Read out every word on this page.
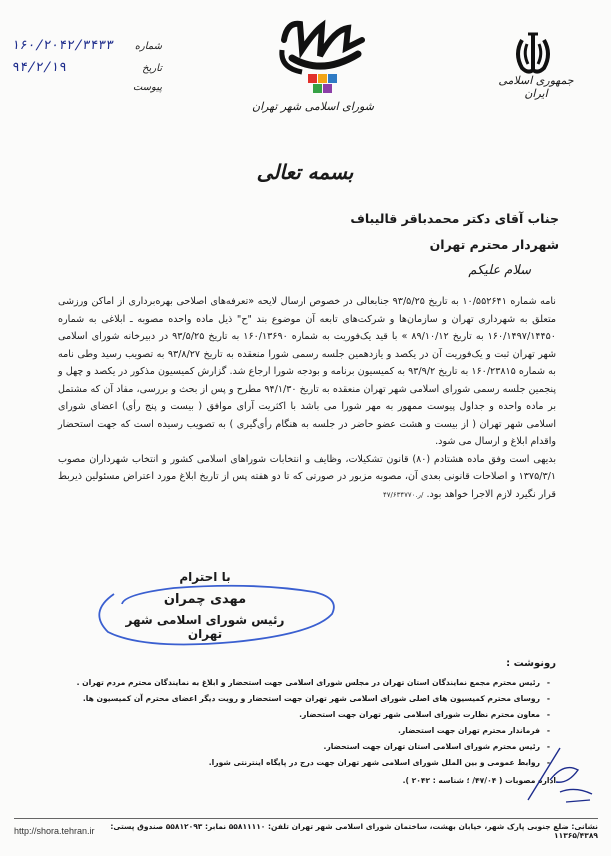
۱۶۰/۲۰۴۲/۳۴۳۳ شماره
۹۴/۲/۱۹	تاریخ
پیوست
شورای اسلامی شهر تهران
جمهوری اسلامی ایران
بسمه تعالی
جناب آقای دکتر محمدباقر قالیباف
شهردار محترم تهران
سلام علیکم

نامه شماره ۱۰/۵۵۲۶۴۱ به تاریخ ۹۳/۵/۲۵ جنابعالی در خصوص ارسال لایحه «تعرفه‌های اصلاحی بهره‌برداری از اماکن ورزشی متعلق به شهرداری تهران و سازمان‌ها و شرکت‌های تابعه آن موضوع بند "ح" ذیل ماده واحده مصوبه ـ ابلاغی به شماره ۱۶۰/۱۴۹۷/۱۴۴۵۰ به تاریخ ۸۹/۱۰/۱۲ » با قید یک‌فوریت به شماره ۱۶۰/۱۳۶۹۰ به تاریخ ۹۳/۵/۲۵ در دبیرخانه شورای اسلامی شهر تهران ثبت و یک‌فوریت آن در یکصد و یازدهمین جلسه رسمی شورا منعقده به تاریخ ۹۳/۸/۲۷ به تصویب رسید وطی نامه به شماره ۱۶۰/۲۳۸۱۵ به تاریخ ۹۳/۹/۲ به کمیسیون برنامه و بودجه شورا ارجاع شد. گزارش کمیسیون مذکور در یکصد و چهل و پنجمین جلسه رسمی شورای اسلامی شهر تهران منعقده به تاریخ ۹۴/۱/۳۰ مطرح و پس از بحث و بررسی، مفاد آن که مشتمل بر ماده واحده و جداول پیوست ممهور به مهر شورا می باشد با اکثریت آرای موافق ( بیست و پنج رأی) اعضای شورای اسلامی شهر تهران ( از بیست و هشت عضو حاضر در جلسه به هنگام رأی‌گیری ) به تصویب رسیده است که جهت استحضار واقدام ابلاغ و ارسال می شود.

بدیهی است وفق ماده هشتادم (۸۰) قانون تشکیلات، وظایف و انتخابات شوراهای اسلامی کشور و انتخاب شهرداران مصوب ۱۳۷۵/۳/۱ و اصلاحات قانونی بعدی آن، مصوبه مزبور در صورتی که تا دو هفته پس از تاریخ ابلاغ مورد اعتراض مسئولین ذیربط قرار نگیرد لازم الاجرا خواهد بود. ۴۷/۶۳۴۷۷ر.۰/

با احترام
مهدی چمران
رئیس شورای اسلامی شهر تهران
رونوشت :
- رئیس محترم مجمع نمایندگان استان تهران در مجلس شورای اسلامی جهت استحضار و ابلاغ به نمایندگان محترم مردم تهران .
- روسای محترم کمیسیون های اصلی شورای اسلامی شهر تهران جهت استحضار و رویت دیگر اعضای محترم آن کمیسیون ها.
- معاون محترم نظارت شورای اسلامی شهر تهران جهت استحضار.
- فرماندار محترم تهران جهت استحضار.
- رئیس محترم شورای اسلامی استان تهران جهت استحضار.
- روابط عمومی و بین الملل شورای اسلامی شهر تهران جهت درج در پایگاه اینترنتی شورا.
اداره مصوبات ( ۴۷/۰۴/ ؛ شناسه : ۲۰۴۲ ).
http://shora.tehran.ir	نشانی: ضلع جنوبی پارک شهر، خیابان بهشت، ساختمان شورای اسلامی شهر تهران تلفن: ۵۵۸۱۱۱۱۰ نمابر: ۵۵۸۱۲۰۹۳ صندوق پستی: ۱۱۳۶۵/۴۳۸۹
